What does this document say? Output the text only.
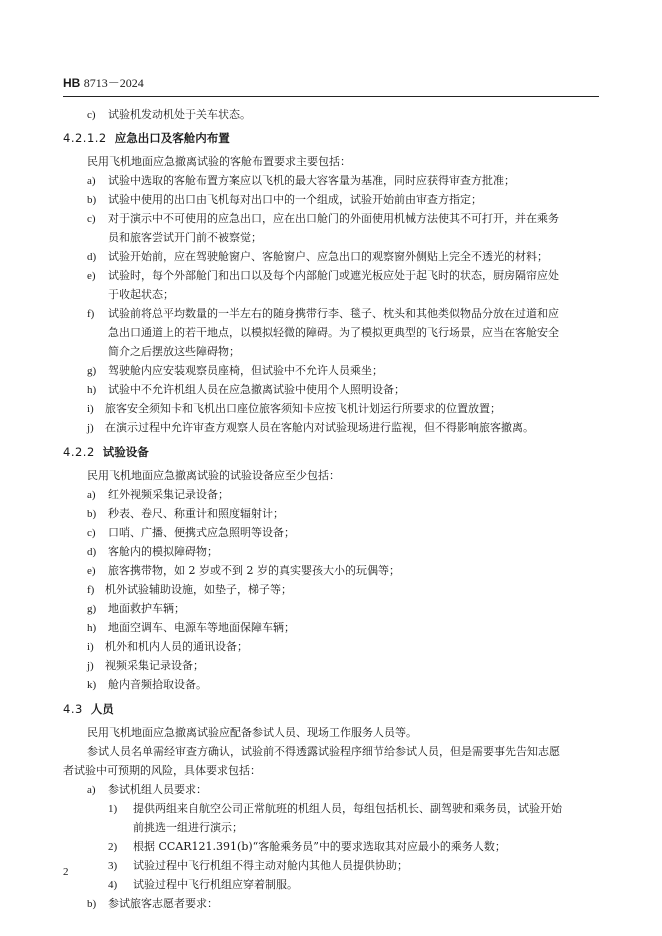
HB 8713－2024
c) 试验机发动机处于关车状态。
4.2.1.2 应急出口及客舱内布置
民用飞机地面应急撤离试验的客舱布置要求主要包括：
a) 试验中选取的客舱布置方案应以飞机的最大容客量为基准，同时应获得审查方批准；
b) 试验中使用的出口由飞机每对出口中的一个组成，试验开始前由审查方指定；
c) 对于演示中不可使用的应急出口，应在出口舱门的外面使用机械方法使其不可打开，并在乘务
员和旅客尝试开门前不被察觉；
d) 试验开始前，应在驾驶舱窗户、客舱窗户、应急出口的观察窗外侧贴上完全不透光的材料；
e) 试验时，每个外部舱门和出口以及每个内部舱门或遮光板应处于起飞时的状态，厨房隔帘应处
于收起状态；
f) 试验前将总平均数量的一半左右的随身携带行李、毯子、枕头和其他类似物品分放在过道和应
急出口通道上的若干地点，以模拟轻微的障碍。为了模拟更典型的飞行场景，应当在客舱安全
简介之后摆放这些障碍物；
g) 驾驶舱内应安装观察员座椅，但试验中不允许人员乘坐；
h) 试验中不允许机组人员在应急撤离试验中使用个人照明设备；
i) 旅客安全须知卡和飞机出口座位旅客须知卡应按飞机计划运行所要求的位置放置；
j) 在演示过程中允许审查方观察人员在客舱内对试验现场进行监视，但不得影响旅客撤离。
4.2.2 试验设备
民用飞机地面应急撤离试验的试验设备应至少包括：
a) 红外视频采集记录设备；
b) 秒表、卷尺、称重计和照度辐射计；
c) 口哨、广播、便携式应急照明等设备；
d) 客舱内的模拟障碍物；
e) 旅客携带物，如 2 岁或不到 2 岁的真实婴孩大小的玩偶等；
f) 机外试验辅助设施，如垫子，梯子等；
g) 地面救护车辆；
h) 地面空调车、电源车等地面保障车辆；
i) 机外和机内人员的通讯设备；
j) 视频采集记录设备；
k) 舱内音频拾取设备。
4.3 人员
民用飞机地面应急撤离试验应配备参试人员、现场工作服务人员等。
参试人员名单需经审查方确认，试验前不得透露试验程序细节给参试人员，但是需要事先告知志愿
者试验中可预期的风险，具体要求包括：
a) 参试机组人员要求：
1) 提供两组来自航空公司正常航班的机组人员，每组包括机长、副驾驶和乘务员，试验开始
前挑选一组进行演示；
2) 根据 CCAR121.391(b)“客舱乘务员”中的要求选取其对应最小的乘务人数；
3) 试验过程中飞行机组不得主动对舱内其他人员提供协助；
4) 试验过程中飞行机组应穿着制服。
b) 参试旅客志愿者要求：
2
